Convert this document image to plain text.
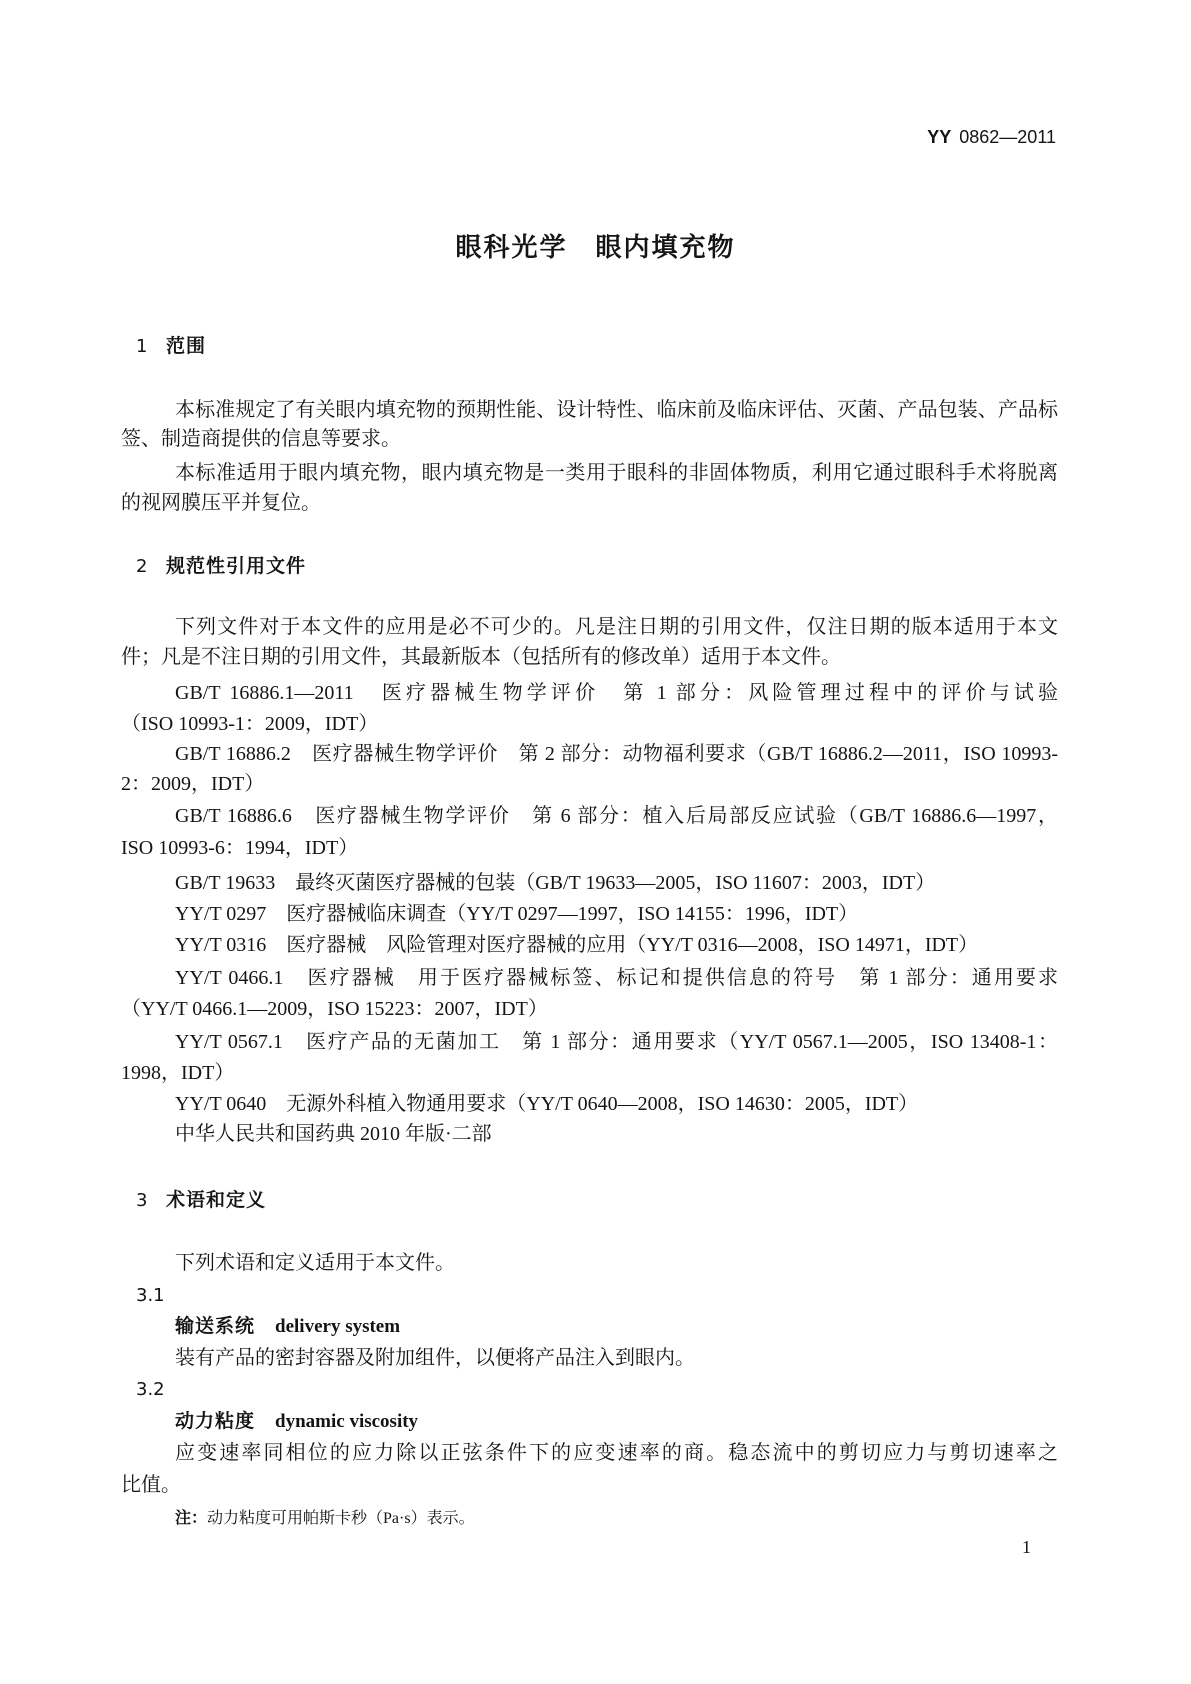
YY 0862—2011
眼科光学　眼内填充物
1 范围
本标准规定了有关眼内填充物的预期性能、设计特性、临床前及临床评估、灭菌、产品包装、产品标
签、制造商提供的信息等要求。
本标准适用于眼内填充物，眼内填充物是一类用于眼科的非固体物质，利用它通过眼科手术将脱离
的视网膜压平并复位。
2 规范性引用文件
下列文件对于本文件的应用是必不可少的。凡是注日期的引用文件，仅注日期的版本适用于本文
件；凡是不注日期的引用文件，其最新版本（包括所有的修改单）适用于本文件。
GB/T 16886.1—2011　医疗器械生物学评价　第 1 部分：风险管理过程中的评价与试验
（ISO 10993-1：2009，IDT）
GB/T 16886.2　医疗器械生物学评价　第 2 部分：动物福利要求（GB/T 16886.2—2011，ISO 10993-
2：2009，IDT）
GB/T 16886.6　医疗器械生物学评价　第 6 部分：植入后局部反应试验（GB/T 16886.6—1997，
ISO 10993-6：1994，IDT）
GB/T 19633　最终灭菌医疗器械的包装（GB/T 19633—2005，ISO 11607：2003，IDT）
YY/T 0297　医疗器械临床调查（YY/T 0297—1997，ISO 14155：1996，IDT）
YY/T 0316　医疗器械　风险管理对医疗器械的应用（YY/T 0316—2008，ISO 14971，IDT）
YY/T 0466.1　医疗器械　用于医疗器械标签、标记和提供信息的符号　第 1 部分：通用要求
（YY/T 0466.1—2009，ISO 15223：2007，IDT）
YY/T 0567.1　医疗产品的无菌加工　第 1 部分：通用要求（YY/T 0567.1—2005，ISO 13408-1：
1998，IDT）
YY/T 0640　无源外科植入物通用要求（YY/T 0640—2008，ISO 14630：2005，IDT）
中华人民共和国药典 2010 年版·二部
3 术语和定义
下列术语和定义适用于本文件。
3.1
输送系统 delivery system
装有产品的密封容器及附加组件，以便将产品注入到眼内。
3.2
动力粘度 dynamic viscosity
应变速率同相位的应力除以正弦条件下的应变速率的商。稳态流中的剪切应力与剪切速率之
比值。
注：动力粘度可用帕斯卡秒（Pa·s）表示。
1
